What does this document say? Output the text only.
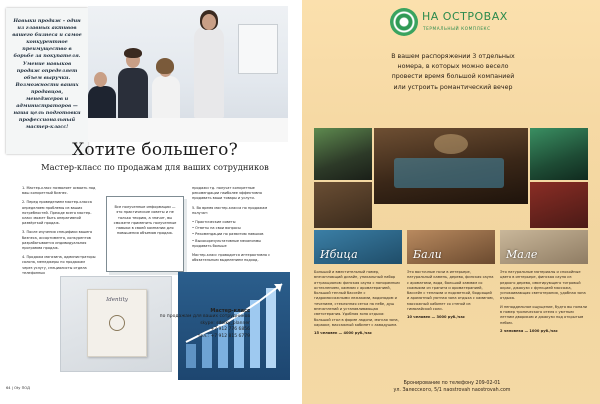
Навыки продаж – один из главных активов вашего бизнеса и самое конкурентное преимущество в борьбе за покупателя. Умение навыков продаж определяет объем выручки. Возможности ваших продавцов, менеджеров и администраторов — наша цель подготовки профессиональный мастер-класс!
Хотите большего?
Мастер-класс по продажам для ваших сотрудников

1. Мастер-класс позволяет освоить под ваш конкретный бизнес.

2. Перед проведением мастер-класса определяем проблемы из ваших потребностей. Прежде всего мастер-класс может быть оперативной развёрткой продаж.

3. После изучения специфики вашего бизнеса, ассортимента, конкурентов разрабатывается индивидуальная программа продаж.

4. Продажа магазина, администраторы салона, менеджеры по продажам через услугу, специалисты отдела телефонных

Все полученные информации — это практические советы и не только теорию, а значит, вы сможете применить полученные навыки в своей компании для повышения объемов продаж.

продажи тд. получат конкретные рекомендации наиболее эффективно продавать ваши товары и услуги.

5. Во время мастер-класса по продажам получат:

• Практические советы

• Ответы на свои вопросы

• Рекомендации по развитию навыков

• Высокорезультативные механизмы продавать больше

Мастер-класс проводится интерактивно с обязательным выделением подход.

Identity
Мастер-класс
по продажам для ваших сотрудников
skype: sdelky_planner
+7 912 776 6856
тел.: +7 912 815 6779
64 | Oty ПОД
НА ОСТРОВАХ
ТЕРМАЛЬНЫЙ КОМПЛЕКС
В вашем распоряжении 3 отдельных номера, в которых можно весело провести время большой компанией или устроить романтический вечер
Ибица	Бали	Мале

Большой и вместительный номер, впечатляющий дизайн, уникальный набор аттракционов: финская сауна с панорамным остеклением, хаммам с ароматерапией, большой теплый бассейн с гидромассажными лежаками, водопадом и течением, стеклянная сетка на небе, душ впечатлений и устанавливающая светотерапия. Удобная зона отдыха: большой стол в форме ладони, мягкая зона, караоке, массажный кабинет с аквадушем.

15 человек — 4000 руб./час

Это восточные ночи в интерьере, натуральный камень, дерево, финская сауна с ароматами, вода, большой хаммам со скамьями из гранита и ароматерапией, бассейн с теплыми и подсветкой, бодрящий и ароматный уютная зона отдыха с камином, массажный кабинет со стеной из гималайской соли.

10 человек — 3000 руб./час

Это натуральные материалы и спокойные цвета в интерьере, финская сауна из редкого дерева, имитирующего тигровый окрас, джакузи с функцией массажа, успокаивающая светотерапия, удобная зона отдыха.

И неподдельное ощущение, будто вы попали в номер тропического отеля с уютным летним двориком и джакузи под открытым небом.

2 человека — 1000 руб./час

Бронирование по телефону 209-02-01
ул. Залесского, 5/1 naostrovah naostrovah.com
